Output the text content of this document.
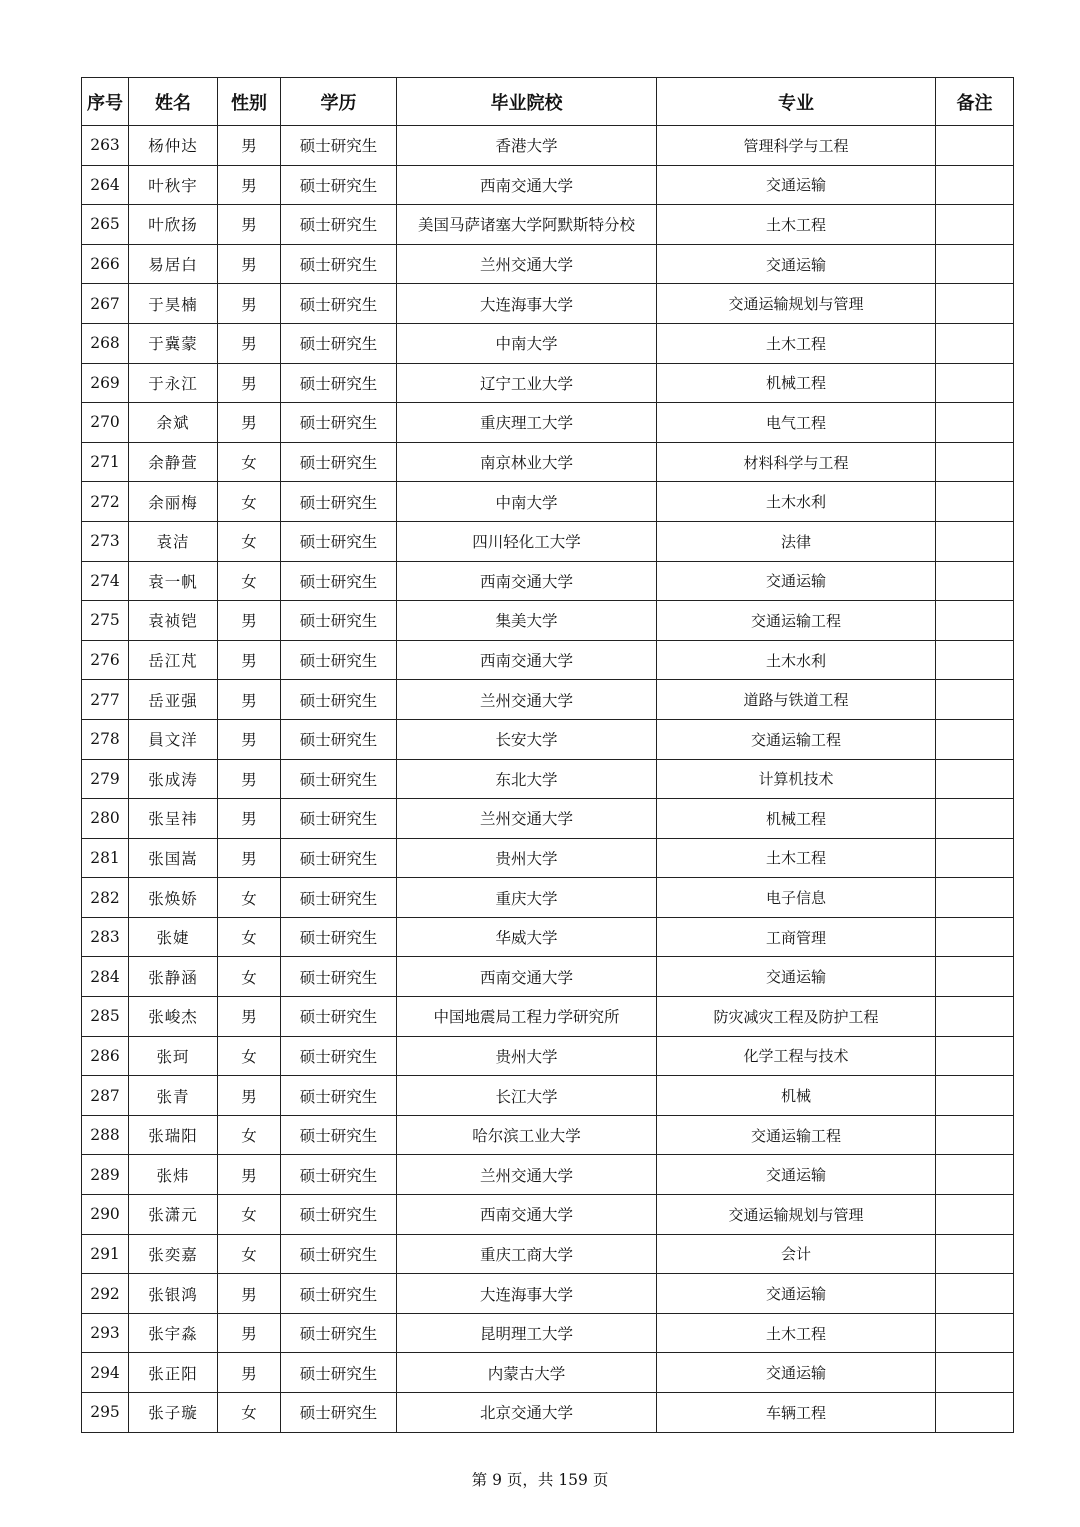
序号	姓名	性别	学历	毕业院校	专业	备注
263	杨仲达	男	硕士研究生	香港大学	管理科学与工程	
264	叶秋宇	男	硕士研究生	西南交通大学	交通运输	
265	叶欣扬	男	硕士研究生	美国马萨诸塞大学阿默斯特分校	土木工程	
266	易居白	男	硕士研究生	兰州交通大学	交通运输	
267	于昊楠	男	硕士研究生	大连海事大学	交通运输规划与管理	
268	于冀蒙	男	硕士研究生	中南大学	土木工程	
269	于永江	男	硕士研究生	辽宁工业大学	机械工程	
270	余斌	男	硕士研究生	重庆理工大学	电气工程	
271	余静萱	女	硕士研究生	南京林业大学	材料科学与工程	
272	余丽梅	女	硕士研究生	中南大学	土木水利	
273	袁洁	女	硕士研究生	四川轻化工大学	法律	
274	袁一帆	女	硕士研究生	西南交通大学	交通运输	
275	袁祯铠	男	硕士研究生	集美大学	交通运输工程	
276	岳江芃	男	硕士研究生	西南交通大学	土木水利	
277	岳亚强	男	硕士研究生	兰州交通大学	道路与铁道工程	
278	員文洋	男	硕士研究生	长安大学	交通运输工程	
279	张成涛	男	硕士研究生	东北大学	计算机技术	
280	张呈祎	男	硕士研究生	兰州交通大学	机械工程	
281	张国嵩	男	硕士研究生	贵州大学	土木工程	
282	张焕娇	女	硕士研究生	重庆大学	电子信息	
283	张婕	女	硕士研究生	华威大学	工商管理	
284	张静涵	女	硕士研究生	西南交通大学	交通运输	
285	张峻杰	男	硕士研究生	中国地震局工程力学研究所	防灾减灾工程及防护工程	
286	张珂	女	硕士研究生	贵州大学	化学工程与技术	
287	张青	男	硕士研究生	长江大学	机械	
288	张瑞阳	女	硕士研究生	哈尔滨工业大学	交通运输工程	
289	张炜	男	硕士研究生	兰州交通大学	交通运输	
290	张潇元	女	硕士研究生	西南交通大学	交通运输规划与管理	
291	张奕嘉	女	硕士研究生	重庆工商大学	会计	
292	张银鸿	男	硕士研究生	大连海事大学	交通运输	
293	张宇淼	男	硕士研究生	昆明理工大学	土木工程	
294	张正阳	男	硕士研究生	内蒙古大学	交通运输	
295	张子璇	女	硕士研究生	北京交通大学	车辆工程	
第 9 页，共 159 页
